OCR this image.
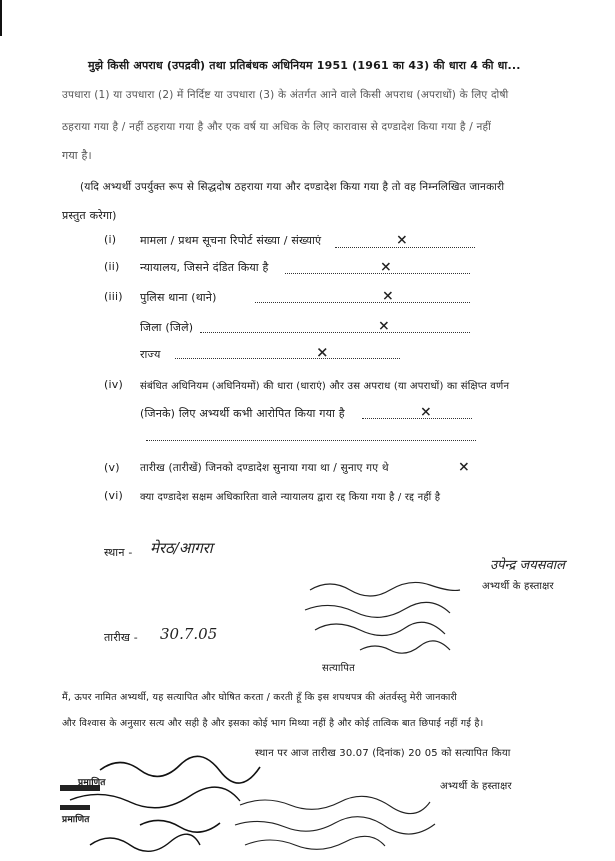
मुझे किसी अपराध (उपद्रवी) तथा प्रतिबंधक अधिनियम 1951 (1961 का 43) की धारा 4 की धा...
उपधारा (1) या उपधारा (2) में निर्दिष्ट या उपधारा (3) के अंतर्गत आने वाले किसी अपराध (अपराधों) के लिए दोषी
ठहराया गया है / नहीं ठहराया गया है और एक वर्ष या अधिक के लिए कारावास से दण्डादेश किया गया है / नहीं
गया है।
(यदि अभ्यर्थी उपर्युक्त रूप से सिद्धदोष ठहराया गया और दण्डादेश किया गया है तो वह निम्नलिखित जानकारी
प्रस्तुत करेगा)
(i) मामला / प्रथम सूचना रिपोर्ट संख्या / संख्याएं	×
(ii) न्यायालय, जिसने दंडित किया है	×
(iii) पुलिस थाना (थाने)	×
जिला (जिले)	×
राज्य	×
(iv) संबंधित अधिनियम (अधिनियमों) की धारा (धाराएं) और उस अपराध (या अपराधों) का संक्षिप्त वर्णन
(जिनके) लिए अभ्यर्थी कभी आरोपित किया गया है	×
(v) तारीख (तारीखें) जिनको दण्डादेश सुनाया गया था / सुनाए गए थे	×
(vi) क्या दण्डादेश सक्षम अधिकारिता वाले न्यायालय द्वारा रद्द किया गया है / रद्द नहीं है
स्थान - मेरठ/आगरा
उपेन्द्र जयसवाल
अभ्यर्थी के हस्ताक्षर
सत्यापित
तारीख - 30.7.05
मैं, ऊपर नामित अभ्यर्थी, यह सत्यापित और घोषित करता / करती हूँ कि इस शपथपत्र की अंतर्वस्तु मेरी जानकारी
और विश्वास के अनुसार सत्य और सही है और इसका कोई भाग मिथ्या नहीं है और कोई तात्विक बात छिपाई नहीं गई है।
स्थान पर आज तारीख 30.07 (दिनांक) 20 05 को सत्यापित किया
अभ्यर्थी के हस्ताक्षर
प्रमाणित
प्रमाणित
